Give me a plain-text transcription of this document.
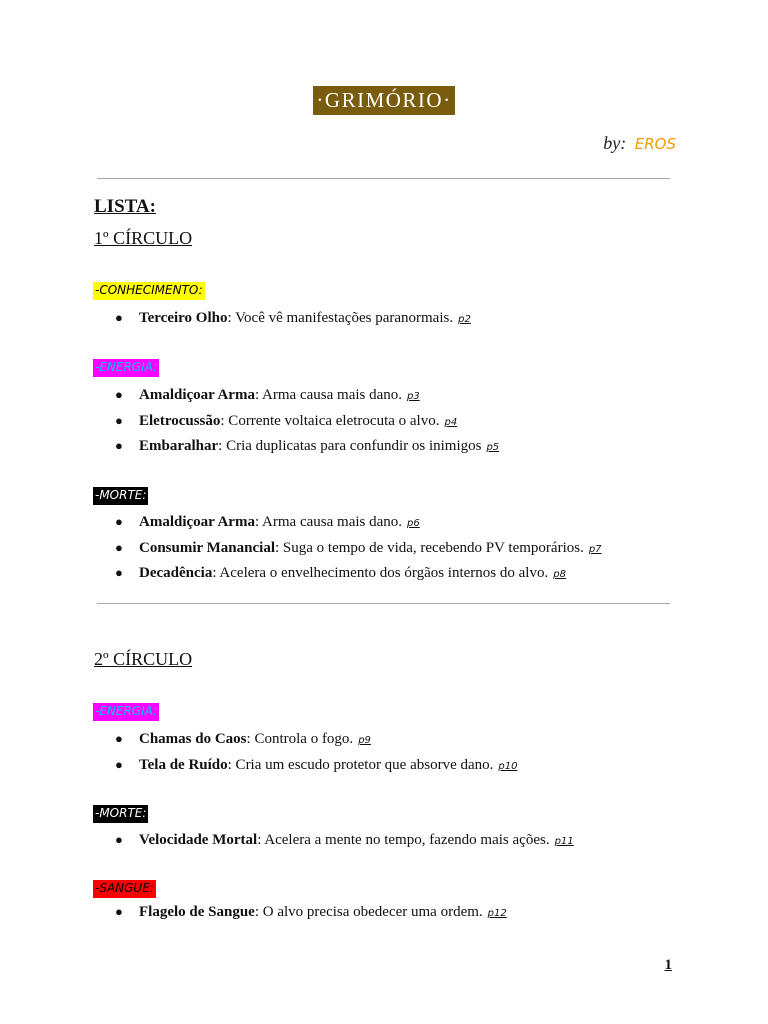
·GRIMÓRIO·
by: EROS
LISTA:
1º CÍRCULO
-CONHECIMENTO:
● Terceiro Olho: Você vê manifestações paranormais. p2
-ENERGIA:
● Amaldiçoar Arma: Arma causa mais dano. p3
● Eletrocussão: Corrente voltaica eletrocuta o alvo. p4
● Embaralhar: Cria duplicatas para confundir os inimigos p5
-MORTE:
● Amaldiçoar Arma: Arma causa mais dano. p6
● Consumir Manancial: Suga o tempo de vida, recebendo PV temporários. p7
● Decadência: Acelera o envelhecimento dos órgãos internos do alvo. p8
2º CÍRCULO
-ENERGIA:
● Chamas do Caos: Controla o fogo. p9
● Tela de Ruído: Cria um escudo protetor que absorve dano. p10
-MORTE:
● Velocidade Mortal: Acelera a mente no tempo, fazendo mais ações. p11
-SANGUE:
● Flagelo de Sangue: O alvo precisa obedecer uma ordem. p12
1
